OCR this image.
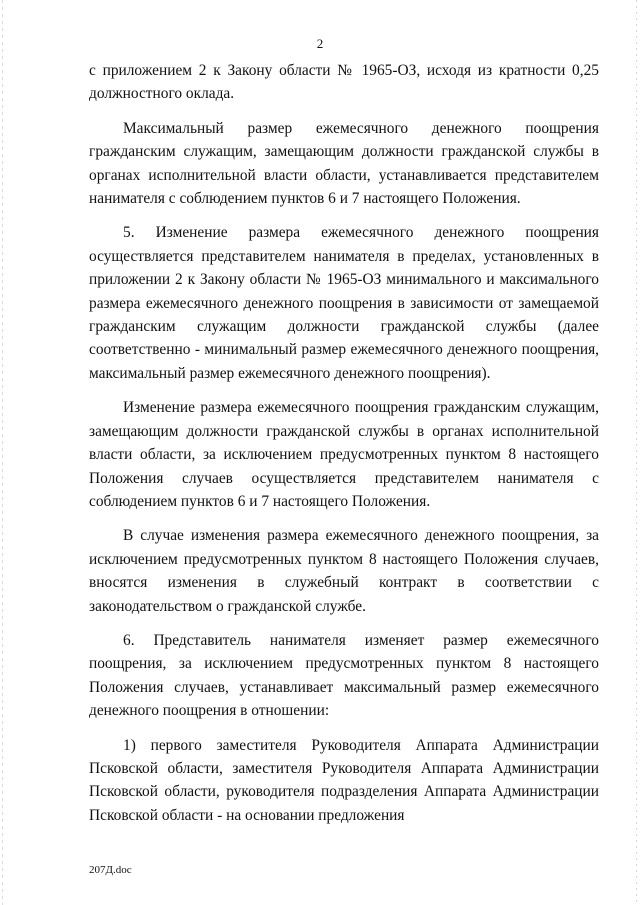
2

с приложением 2 к Закону области № 1965-ОЗ, исходя из кратности 0,25 должностного оклада.

Максимальный размер ежемесячного денежного поощрения гражданским служащим, замещающим должности гражданской службы в органах исполнительной власти области, устанавливается представителем нанимателя с соблюдением пунктов 6 и 7 настоящего Положения.

5. Изменение размера ежемесячного денежного поощрения осуществляется представителем нанимателя в пределах, установленных в приложении 2 к Закону области № 1965-ОЗ минимального и максимального размера ежемесячного денежного поощрения в зависимости от замещаемой гражданским служащим должности гражданской службы (далее соответственно - минимальный размер ежемесячного денежного поощрения, максимальный размер ежемесячного денежного поощрения).

Изменение размера ежемесячного поощрения гражданским служащим, замещающим должности гражданской службы в органах исполнительной власти области, за исключением предусмотренных пунктом 8 настоящего Положения случаев осуществляется представителем нанимателя с соблюдением пунктов 6 и 7 настоящего Положения.

В случае изменения размера ежемесячного денежного поощрения, за исключением предусмотренных пунктом 8 настоящего Положения случаев, вносятся изменения в служебный контракт в соответствии с законодательством о гражданской службе.

6. Представитель нанимателя изменяет размер ежемесячного поощрения, за исключением предусмотренных пунктом 8 настоящего Положения случаев, устанавливает максимальный размер ежемесячного денежного поощрения в отношении:

1) первого заместителя Руководителя Аппарата Администрации Псковской области, заместителя Руководителя Аппарата Администрации Псковской области, руководителя подразделения Аппарата Администрации Псковской области - на основании предложения

207Д.doc
